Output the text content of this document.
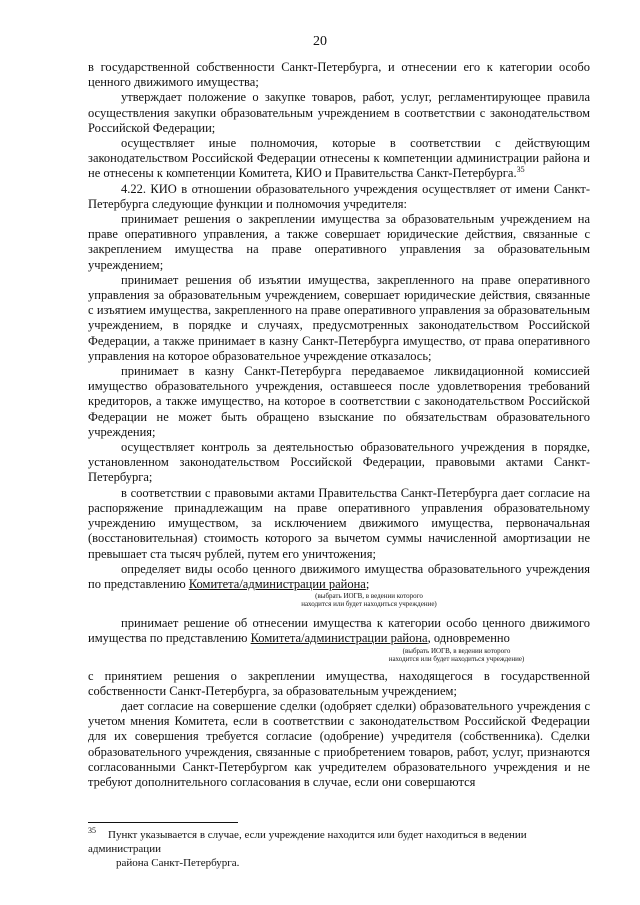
20

в государственной собственности Санкт-Петербурга, и отнесении его к категории особо ценного движимого имущества;

утверждает положение о закупке товаров, работ, услуг, регламентирующее правила осуществления закупки образовательным учреждением в соответствии с законодательством Российской Федерации;

осуществляет иные полномочия, которые в соответствии с действующим законодательством Российской Федерации отнесены к компетенции администрации района и не отнесены к компетенции Комитета, КИО и Правительства Санкт-Петербурга.$^{35}$

4.22. КИО в отношении образовательного учреждения осуществляет от имени Санкт-Петербурга следующие функции и полномочия учредителя:

принимает решения о закреплении имущества за образовательным учреждением на праве оперативного управления, а также совершает юридические действия, связанные с закреплением имущества на праве оперативного управления за образовательным учреждением;

принимает решения об изъятии имущества, закрепленного на праве оперативного управления за образовательным учреждением, совершает юридические действия, связанные с изъятием имущества, закрепленного на праве оперативного управления за образовательным учреждением, в порядке и случаях, предусмотренных законодательством Российской Федерации, а также принимает в казну Санкт-Петербурга имущество, от права оперативного управления на которое образовательное учреждение отказалось;

принимает в казну Санкт-Петербурга передаваемое ликвидационной комиссией имущество образовательного учреждения, оставшееся после удовлетворения требований кредиторов, а также имущество, на которое в соответствии с законодательством Российской Федерации не может быть обращено взыскание по обязательствам образовательного учреждения;

осуществляет контроль за деятельностью образовательного учреждения в порядке, установленном законодательством Российской Федерации, правовыми актами Санкт-Петербурга;

в соответствии с правовыми актами Правительства Санкт-Петербурга дает согласие на распоряжение принадлежащим на праве оперативного управления образовательному учреждению имуществом, за исключением движимого имущества, первоначальная (восстановительная) стоимость которого за вычетом суммы начисленной амортизации не превышает ста тысяч рублей, путем его уничтожения;

определяет виды особо ценного движимого имущества образовательного учреждения по представлению Комитета/администрации района;

(выбрать ИОГВ, в ведении которого

находится или будет находиться учреждение)

принимает решение об отнесении имущества к категории особо ценного движимого имущества по представлению Комитета/администрации района, одновременно

(выбрать ИОГВ, в ведении которого

находится или будет находиться учреждение)

с принятием решения о закреплении имущества, находящегося в государственной собственности Санкт-Петербурга, за образовательным учреждением;

дает согласие на совершение сделки (одобряет сделки) образовательного учреждения с учетом мнения Комитета, если в соответствии с законодательством Российской Федерации для их совершения требуется согласие (одобрение) учредителя (собственника). Сделки образовательного учреждения, связанные с приобретением товаров, работ, услуг, признаются согласованными Санкт-Петербургом как учредителем образовательного учреждения и не требуют дополнительного согласования в случае, если они совершаются

$^{35}$ Пункт указывается в случае, если учреждение находится или будет находиться в ведении администрации
района Санкт-Петербурга.
